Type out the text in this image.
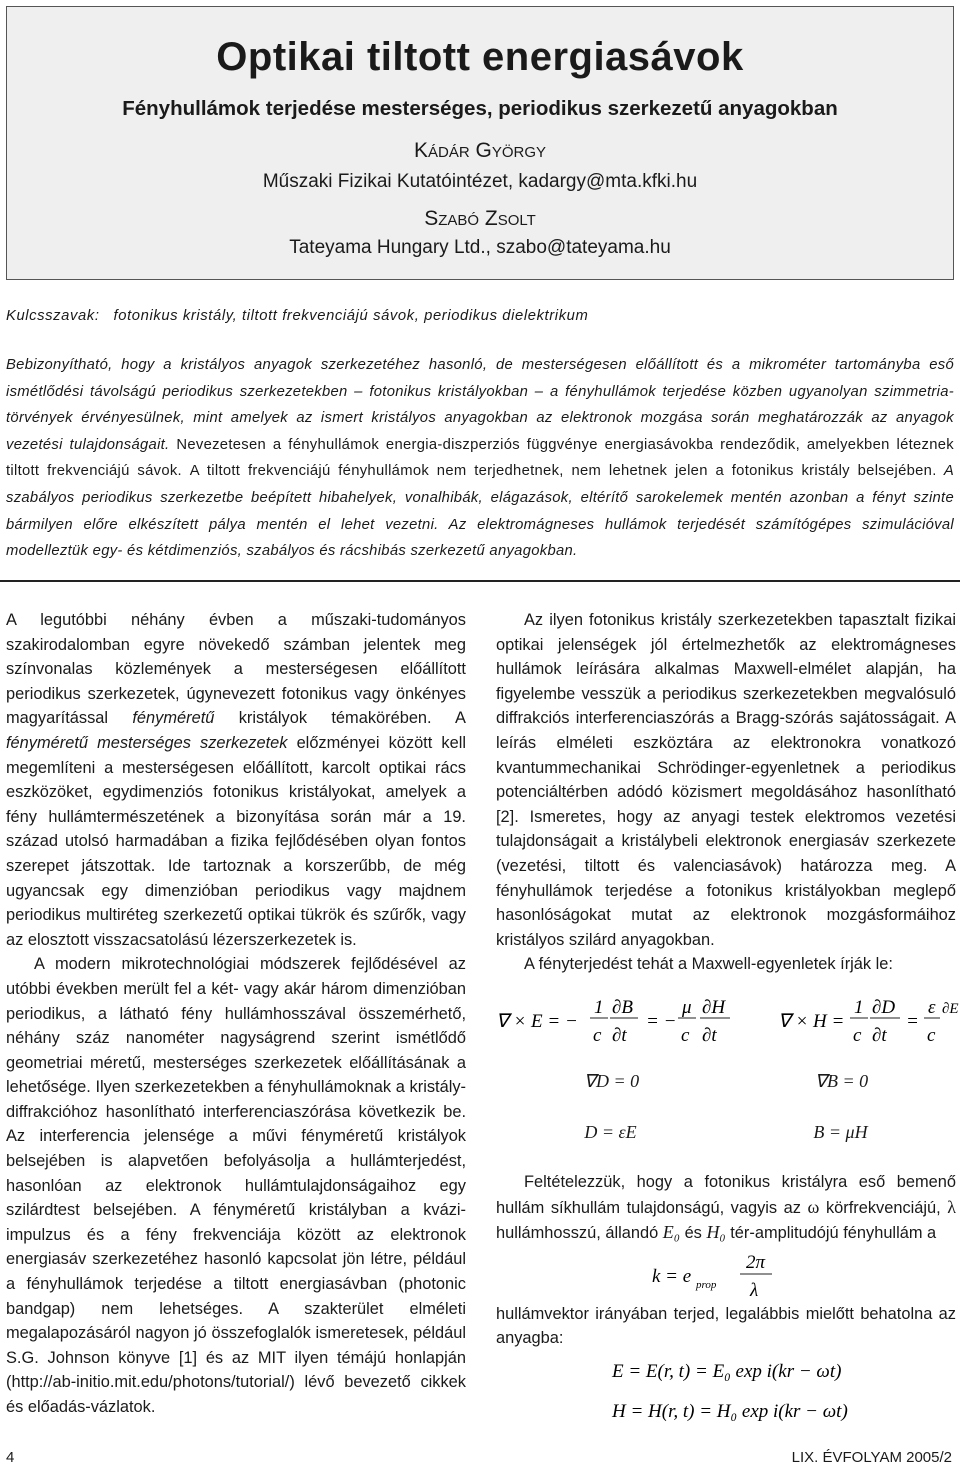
Optikai tiltott energiasávok
Fényhullámok terjedése mesterséges, periodikus szerkezetű anyagokban
Kádár György
Műszaki Fizikai Kutatóintézet, kadargy@mta.kfki.hu
Szabó Zsolt
Tateyama Hungary Ltd., szabo@tateyama.hu
Kulcsszavak: fotonikus kristály, tiltott frekvenciájú sávok, periodikus dielektrikum

Bebizonyítható, hogy a kristályos anyagok szerkezetéhez hasonló, de mesterségesen előállított és a mikrométer tartományba eső ismétlődési távolságú periodikus szerkezetekben – fotonikus kristályokban – a fényhullámok terjedése közben ugyanolyan szimmetria-törvények érvényesülnek, mint amelyek az ismert kristályos anyagokban az elektronok mozgása során meghatározzák az anyagok vezetési tulajdonságait. Nevezetesen a fényhullámok energia-diszperziós függvénye energiasávokba rendeződik, amelyekben léteznek tiltott frekvenciájú sávok. A tiltott frekvenciájú fényhullámok nem terjedhetnek, nem lehetnek jelen a fotonikus kristály belsejében. A szabályos periodikus szerkezetbe beépített hibahelyek, vonalhibák, elágazások, eltérítő sarokelemek mentén azonban a fényt szinte bármilyen előre elkészített pálya mentén el lehet vezetni. Az elektromágneses hullámok terjedését számítógépes szimulációval modelleztük egy- és kétdimenziós, szabályos és rácshibás szerkezetű anyagokban.

A legutóbbi néhány évben a műszaki-tudományos szakirodalomban egyre növekedő számban jelentek meg színvonalas közlemények a mesterségesen előállított periodikus szerkezetek, úgynevezett fotonikus vagy önkényes magyarítással fényméretű kristályok témakörében. A fényméretű mesterséges szerkezetek előzményei között kell megemlíteni a mesterségesen előállított, karcolt optikai rács eszközöket, egydimenziós fotonikus kristályokat, amelyek a fény hullámtermészetének a bizonyítása során már a 19. század utolsó harmadában a fizika fejlődésében olyan fontos szerepet játszottak. Ide tartoznak a korszerűbb, de még ugyancsak egy dimenzióban periodikus vagy majdnem periodikus multiréteg szerkezetű optikai tükrök és szűrők, vagy az elosztott visszacsatolású lézerszerkezetek is.

A modern mikrotechnológiai módszerek fejlődésével az utóbbi években merült fel a két- vagy akár három dimenzióban periodikus, a látható fény hullámhosszával összemérhető, néhány száz nanométer nagyságrend szerint ismétlődő geometriai méretű, mesterséges szerkezetek előállításának a lehetősége. Ilyen szerkezetekben a fényhullámoknak a kristály-diffrakcióhoz hasonlítható interferenciaszórása következik be. Az interferencia jelensége a művi fényméretű kristályok belsejében is alapvetően befolyásolja a hullámterjedést, hasonlóan az elektronok hullámtulajdonságaihoz egy szilárdtest belsejében. A fényméretű kristályban a kvázi-impulzus és a fény frekvenciája között az elektronok energiasáv szerkezetéhez hasonló kapcsolat jön létre, például a fényhullámok terjedése a tiltott energiasávban (photonic bandgap) nem lehetséges. A szakterület elméleti megalapozásáról nagyon jó összefoglalók ismeretesek, például S.G. Johnson könyve [1] és az MIT ilyen témájú honlapján (http://ab-initio.mit.edu/photons/tutorial/) lévő bevezető cikkek és előadás-vázlatok.

Az ilyen fotonikus kristály szerkezetekben tapasztalt fizikai optikai jelenségek jól értelmezhetők az elektromágneses hullámok leírására alkalmas Maxwell-elmélet alapján, ha figyelembe vesszük a periodikus szerkezetekben megvalósuló diffrakciós interferenciaszórás a Bragg-szórás sajátosságait. A leírás elméleti eszköztára az elektronokra vonatkozó kvantummechanikai Schrödinger-egyenletnek a periodikus potenciáltérben adódó közismert megoldásához hasonlítható [2]. Ismeretes, hogy az anyagi testek elektromos vezetési tulajdonságait a kristálybeli elektronok energiasáv szerkezete (vezetési, tiltott és valenciasávok) határozza meg. A fényhullámok terjedése a fotonikus kristályokban meglepő hasonlóságokat mutat az elektronok mozgásformáihoz kristályos szilárd anyagokban.

A fényterjedést tehát a Maxwell-egyenletek írják le:

∇ × E = −
1
c
∂B
∂t
= −
μ
c
∂H
∂t
∇ × H =
1
c
∂D
∂t
=
ε
c
∂E
∇D = 0	∇B = 0
D = εE	B = μH

Feltételezzük, hogy a fotonikus kristályra eső bemenő hullám síkhullám tulajdonságú, vagyis az ω körfrekvenciájú, λ hullámhosszú, állandó E₀ és H₀ tér-amplitudójú fényhullám a

k = e prop
2π
λ

hullámvektor irányában terjed, legalábbis mielőtt behatolna az anyagba:

E = E(r, t) = E₀ exp i(kr − ωt)
H = H(r, t) = H₀ exp i(kr − ωt)
4	LIX. ÉVFOLYAM 2005/2
